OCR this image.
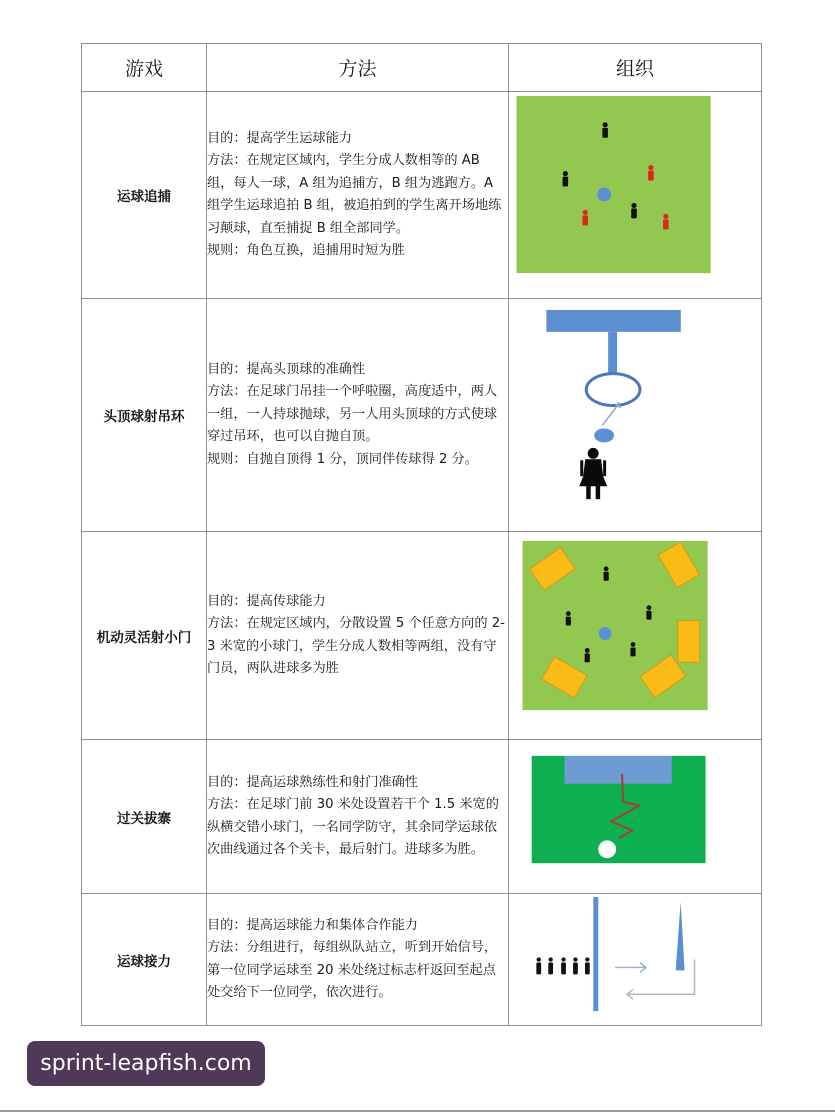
游戏	方法	组织
运球追捕	目的：提高学生运球能力

方法：在规定区域内，学生分成人数相等的 AB 组，每人一球，A 组为追捕方，B 组为逃跑方。A 组学生运球追拍 B 组，被追拍到的学生离开场地练习颠球，直至捕捉 B 组全部同学。

规则：角色互换，追捕用时短为胜

头顶球射吊环	目的：提高头顶球的准确性

方法：在足球门吊挂一个呼啦圈，高度适中，两人一组，一人持球抛球，另一人用头顶球的方式使球穿过吊环，也可以自抛自顶。

规则：自抛自顶得 1 分，顶同伴传球得 2 分。

机动灵活射小门	目的：提高传球能力

方法：在规定区域内，分散设置 5 个任意方向的 2-3 米宽的小球门，学生分成人数相等两组，没有守门员，两队进球多为胜

过关拔寨	目的：提高运球熟练性和射门准确性

方法：在足球门前 30 米处设置若干个 1.5 米宽的纵横交错小球门，一名同学防守，其余同学运球依次曲线通过各个关卡，最后射门。进球多为胜。

运球接力	目的：提高运球能力和集体合作能力

方法：分组进行，每组纵队站立，听到开始信号，第一位同学运球至 20 米处绕过标志杆返回至起点处交给下一位同学，依次进行。

sprint-leapfish.com
